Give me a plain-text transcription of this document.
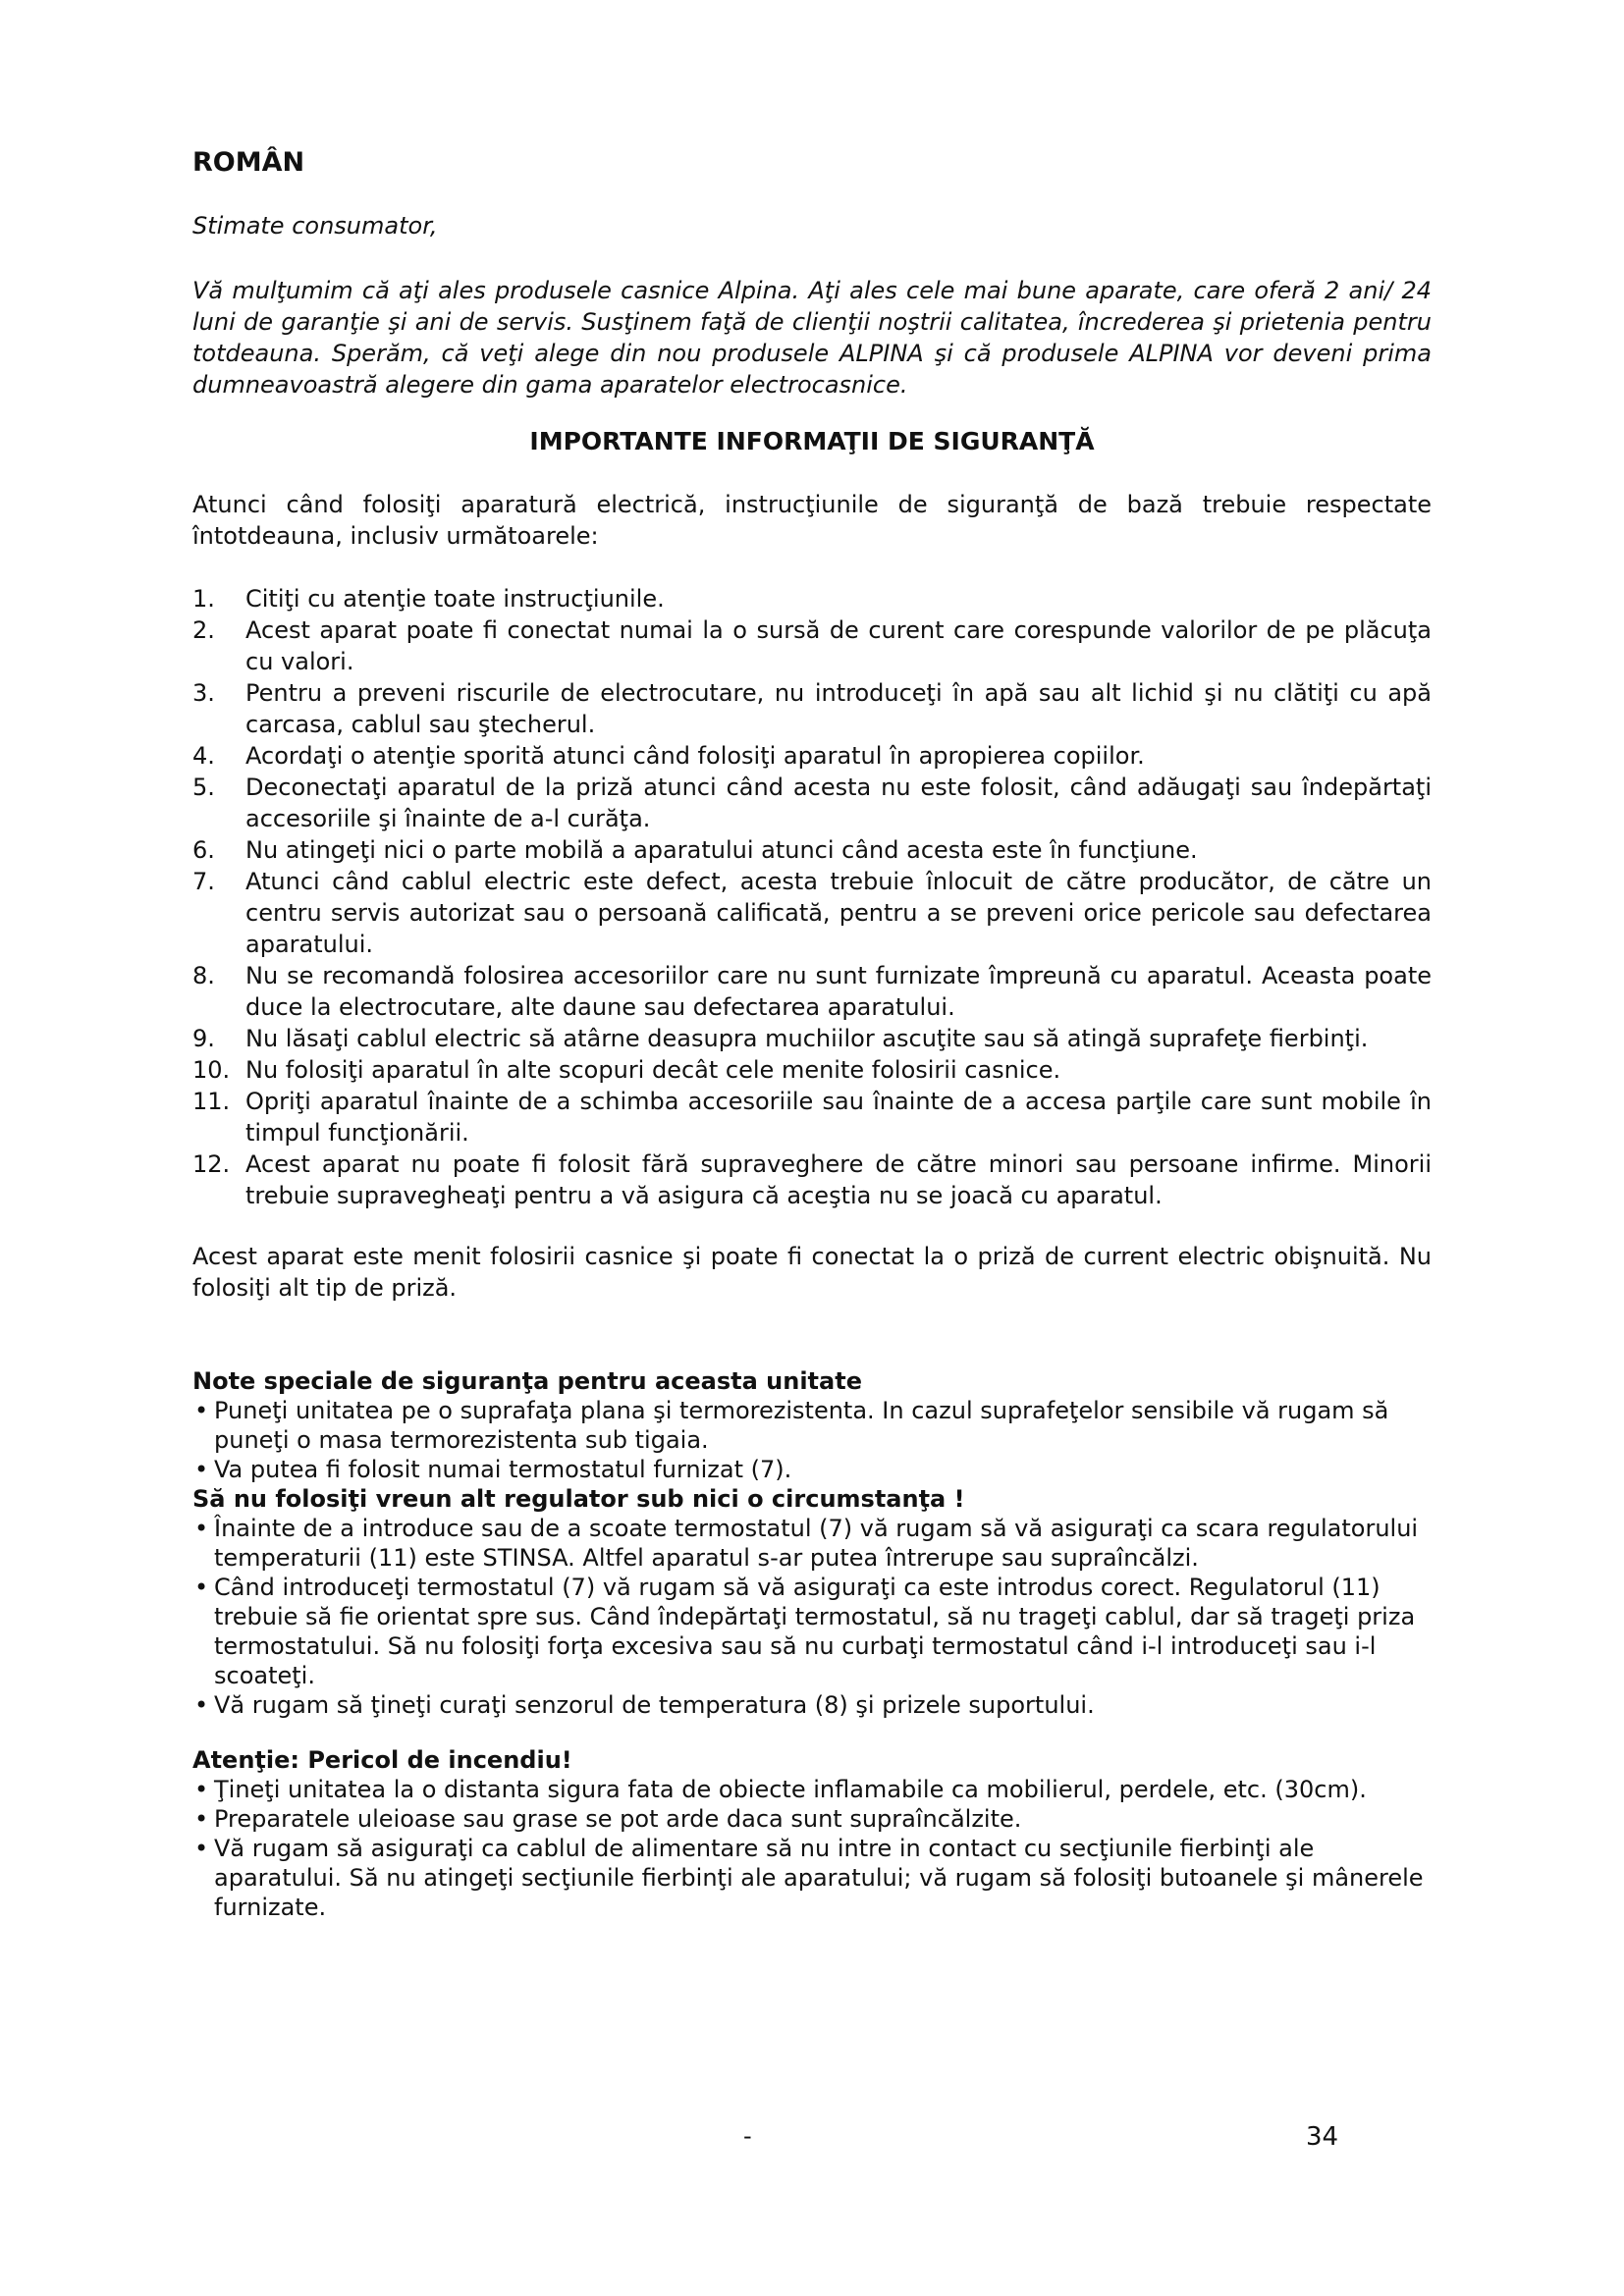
ROMÂN

Stimate consumator,

Vă mulţumim că aţi ales produsele casnice Alpina. Aţi ales cele mai bune aparate, care oferă 2 ani/ 24 luni de garanţie şi ani de servis. Susţinem faţă de clienţii noştrii calitatea, încrederea şi prietenia pentru totdeauna. Sperăm, că veţi alege din nou produsele ALPINA şi că produsele ALPINA vor deveni prima dumneavoastră alegere din gama aparatelor electrocasnice.

IMPORTANTE INFORMAŢII DE SIGURANŢĂ

Atunci când folosiţi aparatură electrică, instrucţiunile de siguranţă de bază trebuie respectate întotdeauna, inclusiv următoarele:

1. Citiţi cu atenţie toate instrucţiunile.
2. Acest aparat poate fi conectat numai la o sursă de curent care corespunde valorilor de pe plăcuţa cu valori.
3. Pentru a preveni riscurile de electrocutare, nu introduceţi în apă sau alt lichid şi nu clătiţi cu apă carcasa, cablul sau ştecherul.
4. Acordaţi o atenţie sporită atunci când folosiţi aparatul în apropierea copiilor.
5. Deconectaţi aparatul de la priză atunci când acesta nu este folosit, când adăugaţi sau îndepărtaţi accesoriile şi înainte de a-l curăţa.
6. Nu atingeţi nici o parte mobilă a aparatului atunci când acesta este în funcţiune.
7. Atunci când cablul electric este defect, acesta trebuie înlocuit de către producător, de către un centru servis autorizat sau o persoană calificată, pentru a se preveni orice pericole sau defectarea aparatului.
8. Nu se recomandă folosirea accesoriilor care nu sunt furnizate împreună cu aparatul. Aceasta poate duce la electrocutare, alte daune sau defectarea aparatului.
9. Nu lăsaţi cablul electric să atârne deasupra muchiilor ascuţite sau să atingă suprafeţe fierbinţi.
10. Nu folosiţi aparatul în alte scopuri decât cele menite folosirii casnice.
11. Opriţi aparatul înainte de a schimba accesoriile sau înainte de a accesa parţile care sunt mobile în timpul funcţionării.
12. Acest aparat nu poate fi folosit fără supraveghere de către minori sau persoane infirme. Minorii trebuie supravegheaţi pentru a vă asigura că aceştia nu se joacă cu aparatul.

Acest aparat este menit folosirii casnice şi poate fi conectat la o priză de current electric obişnuită. Nu folosiţi alt tip de priză.

Note speciale de siguranţa pentru aceasta unitate

• Puneţi unitatea pe o suprafaţa plana şi termorezistenta. In cazul suprafeţelor sensibile vă rugam să puneţi o masa termorezistenta sub tigaia.
• Va putea fi folosit numai termostatul furnizat (7).

Să nu folosiţi vreun alt regulator sub nici o circumstanţa !

• Înainte de a introduce sau de a scoate termostatul (7) vă rugam să vă asiguraţi ca scara regulatorului temperaturii (11) este STINSA. Altfel aparatul s-ar putea întrerupe sau supraîncălzi.
• Când introduceţi termostatul (7) vă rugam să vă asiguraţi ca este introdus corect. Regulatorul (11) trebuie să fie orientat spre sus. Când îndepărtaţi termostatul, să nu trageţi cablul, dar să trageţi priza termostatului. Să nu folosiţi forţa excesiva sau să nu curbaţi termostatul când i-l introduceţi sau i-l scoateţi.
• Vă rugam să ţineţi curaţi senzorul de temperatura (8) şi prizele suportului.

Atenţie: Pericol de incendiu!

• Ţineţi unitatea la o distanta sigura fata de obiecte inflamabile ca mobilierul, perdele, etc. (30cm).
• Preparatele uleioase sau grase se pot arde daca sunt supraîncălzite.
• Vă rugam să asiguraţi ca cablul de alimentare să nu intre in contact cu secţiunile fierbinţi ale aparatului. Să nu atingeţi secţiunile fierbinţi ale aparatului; vă rugam să folosiţi butoanele şi mânerele furnizate.
-	34
